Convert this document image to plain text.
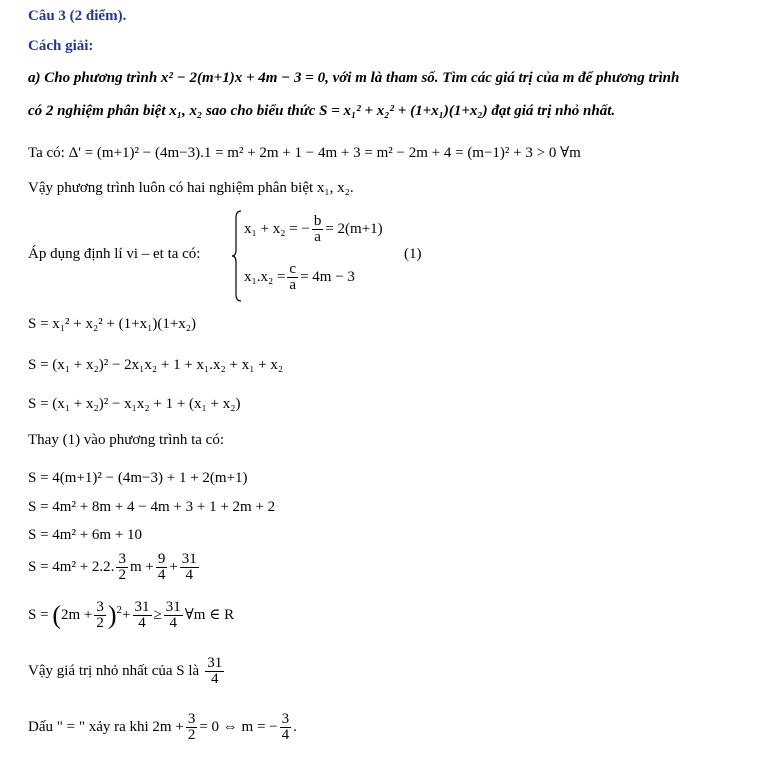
Câu 3 (2 điểm).
Cách giải:
a) Cho phương trình x² − 2(m+1)x + 4m − 3 = 0, với m là tham số. Tìm các giá trị của m để phương trình
có 2 nghiệm phân biệt x₁, x₂ sao cho biểu thức S = x₁² + x₂² + (1+x₁)(1+x₂) đạt giá trị nhỏ nhất.
Ta có: Δ' = (m+1)² − (4m−3).1 = m² + 2m + 1 − 4m + 3 = m² − 2m + 4 = (m−1)² + 3 > 0 ∀m
Vậy phương trình luôn có hai nghiệm phân biệt x₁, x₂.
Áp dụng định lí vi – et ta có:
x₁ + x₂ = − $\frac{b}{a} = 2(m+1)$
$x_1.x_2 = \frac{c}{a} = 4m - 3$
(1)
S = x₁² + x₂² + (1+x₁)(1+x₂)
S = (x₁ + x₂)² − 2x₁x₂ + 1 + x₁.x₂ + x₁ + x₂
S = (x₁ + x₂)² − x₁x₂ + 1 + (x₁ + x₂)
Thay (1) vào phương trình ta có:
S = 4(m+1)² − (4m−3) + 1 + 2(m+1)
S = 4m² + 8m + 4 − 4m + 3 + 1 + 2m + 2
S = 4m² + 6m + 10
S = 4m² + 2.2. $\frac{3}{2}$ $m + \frac{9}{4} + \frac{31}{4}$
$S = (2m + \frac{3}{2} )^2+ \frac{31}{4} \ge \frac{31}{4}$ ∀m ∈ R
Vậy giá trị nhỏ nhất của S là $\frac{31}{4}$
Dấu " = " xảy ra khi $2m + \frac{3}{2} = 0$ ⇔ m = − $\frac{3}{4}$ .
